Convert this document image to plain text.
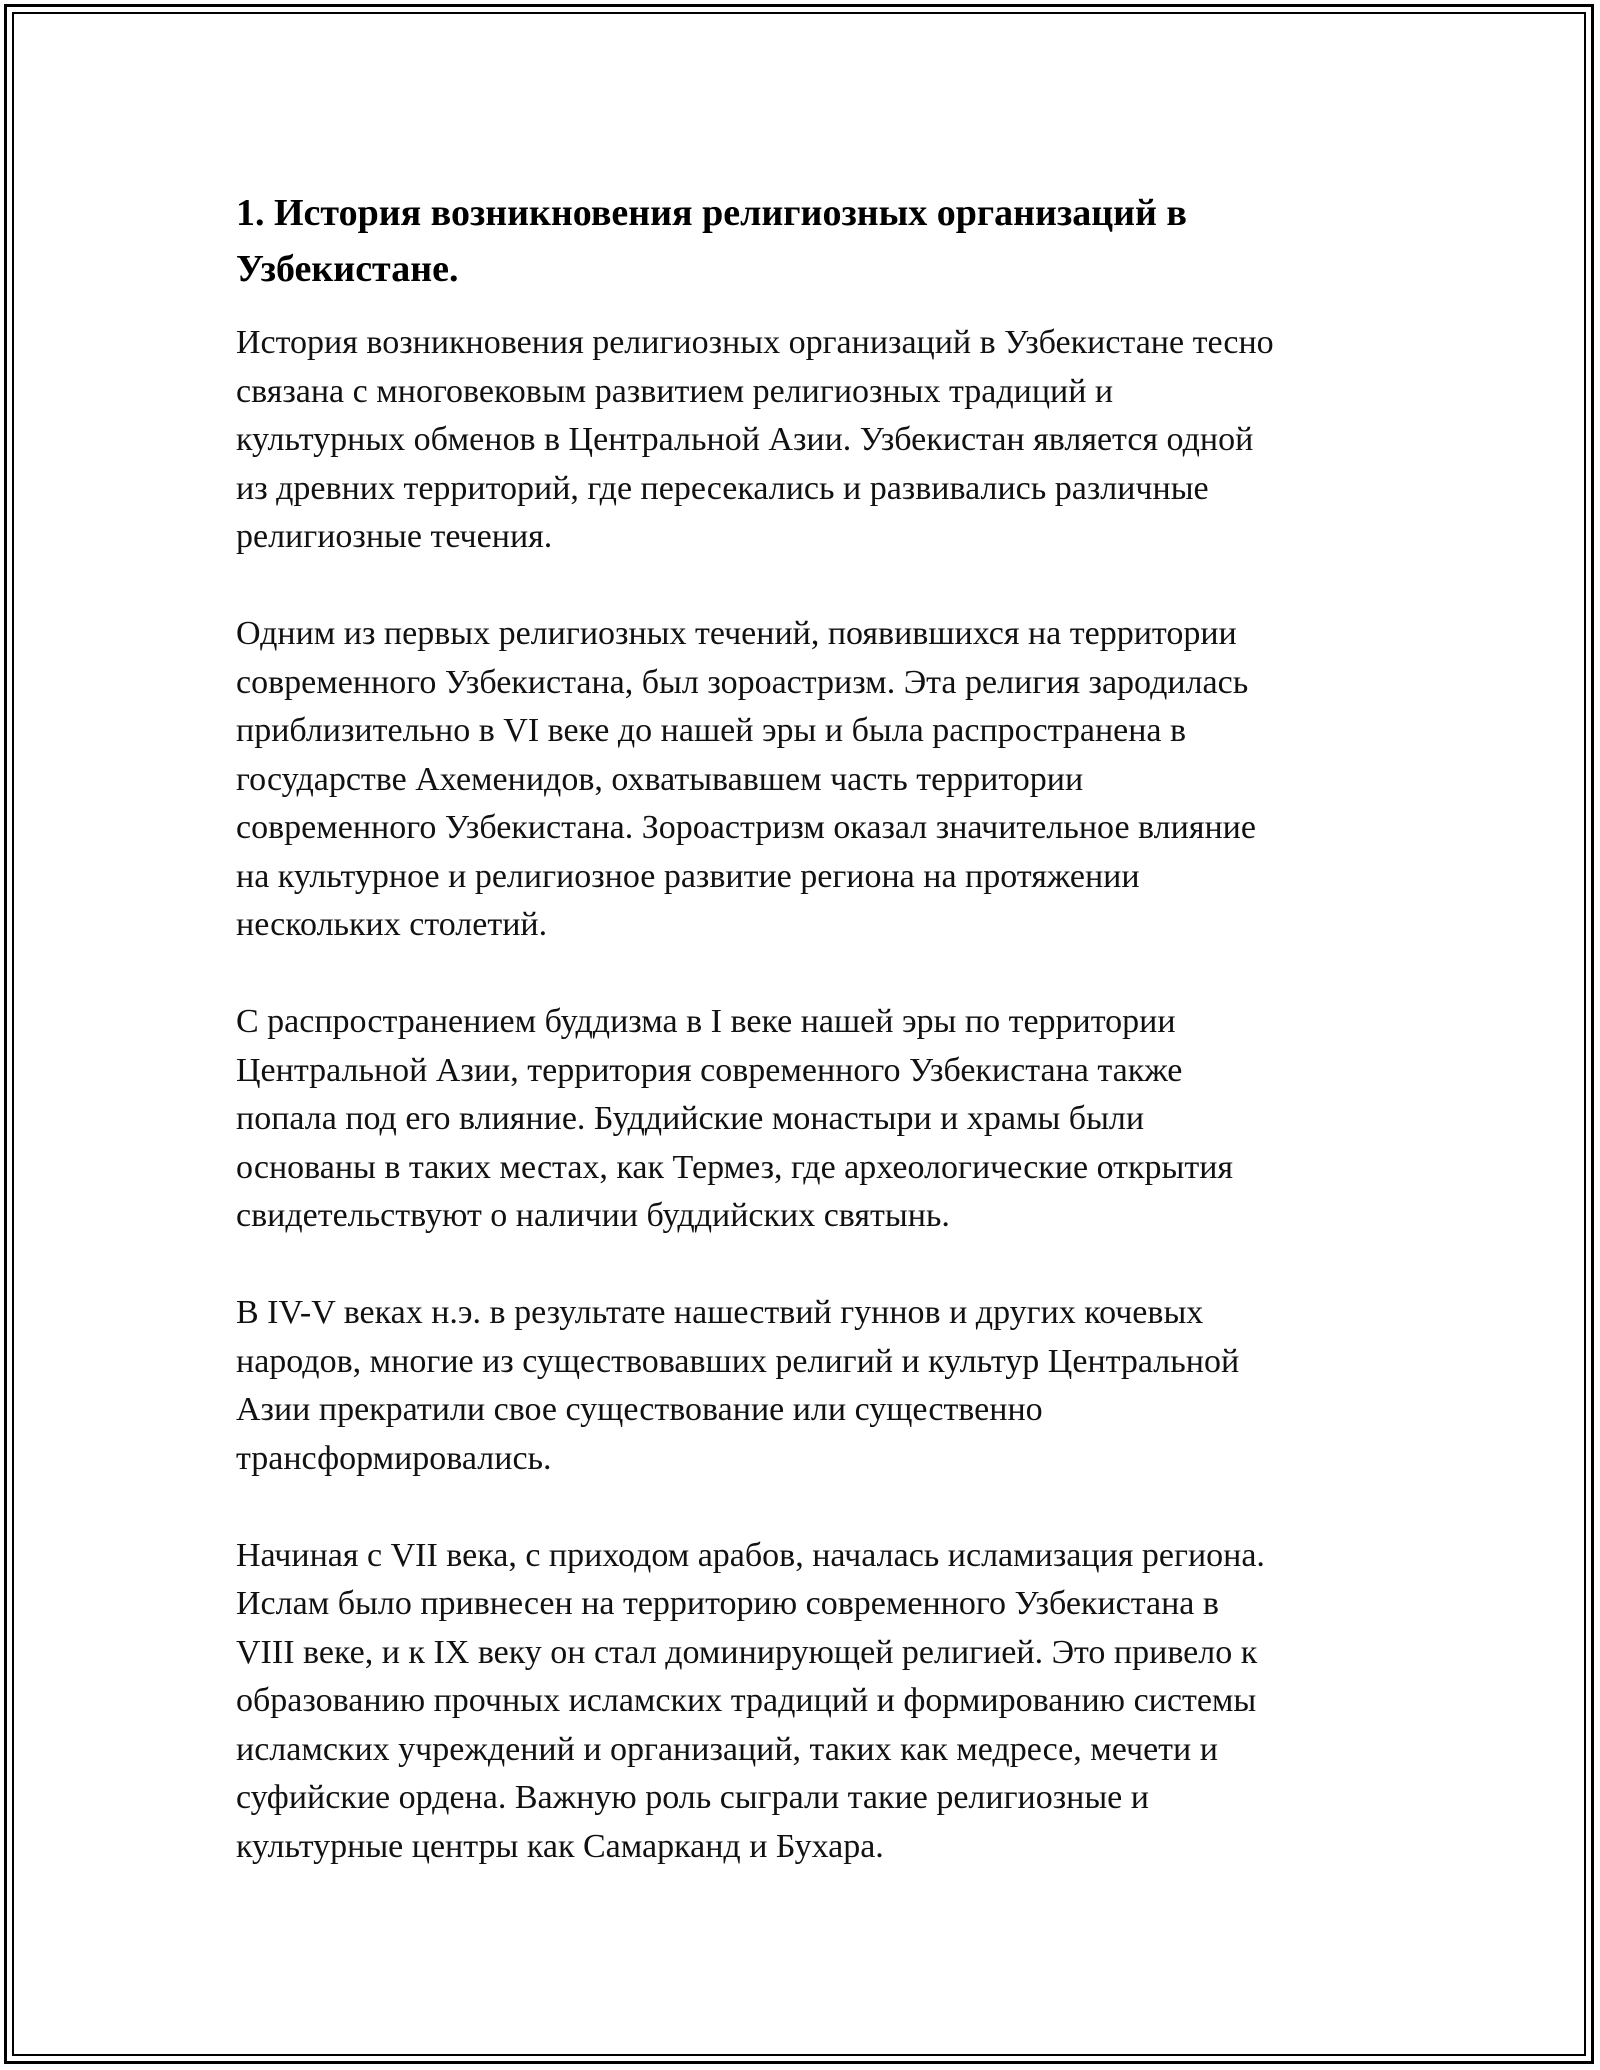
1. История возникновения религиозных организаций в
Узбекистане.
История возникновения религиозных организаций в Узбекистане тесно
связана с многовековым развитием религиозных традиций и
культурных обменов в Центральной Азии. Узбекистан является одной
из древних территорий, где пересекались и развивались различные
религиозные течения.
Одним из первых религиозных течений, появившихся на территории
современного Узбекистана, был зороастризм. Эта религия зародилась
приблизительно в VI веке до нашей эры и была распространена в
государстве Ахеменидов, охватывавшем часть территории
современного Узбекистана. Зороастризм оказал значительное влияние
на культурное и религиозное развитие региона на протяжении
нескольких столетий.
С распространением буддизма в I веке нашей эры по территории
Центральной Азии, территория современного Узбекистана также
попала под его влияние. Буддийские монастыри и храмы были
основаны в таких местах, как Термез, где археологические открытия
свидетельствуют о наличии буддийских святынь.
В IV-V веках н.э. в результате нашествий гуннов и других кочевых
народов, многие из существовавших религий и культур Центральной
Азии прекратили свое существование или существенно
трансформировались.
Начиная с VII века, с приходом арабов, началась исламизация региона.
Ислам было привнесен на территорию современного Узбекистана в
VIII веке, и к IX веку он стал доминирующей религией. Это привело к
образованию прочных исламских традиций и формированию системы
исламских учреждений и организаций, таких как медресе, мечети и
суфийские ордена. Важную роль сыграли такие религиозные и
культурные центры как Самарканд и Бухара.
